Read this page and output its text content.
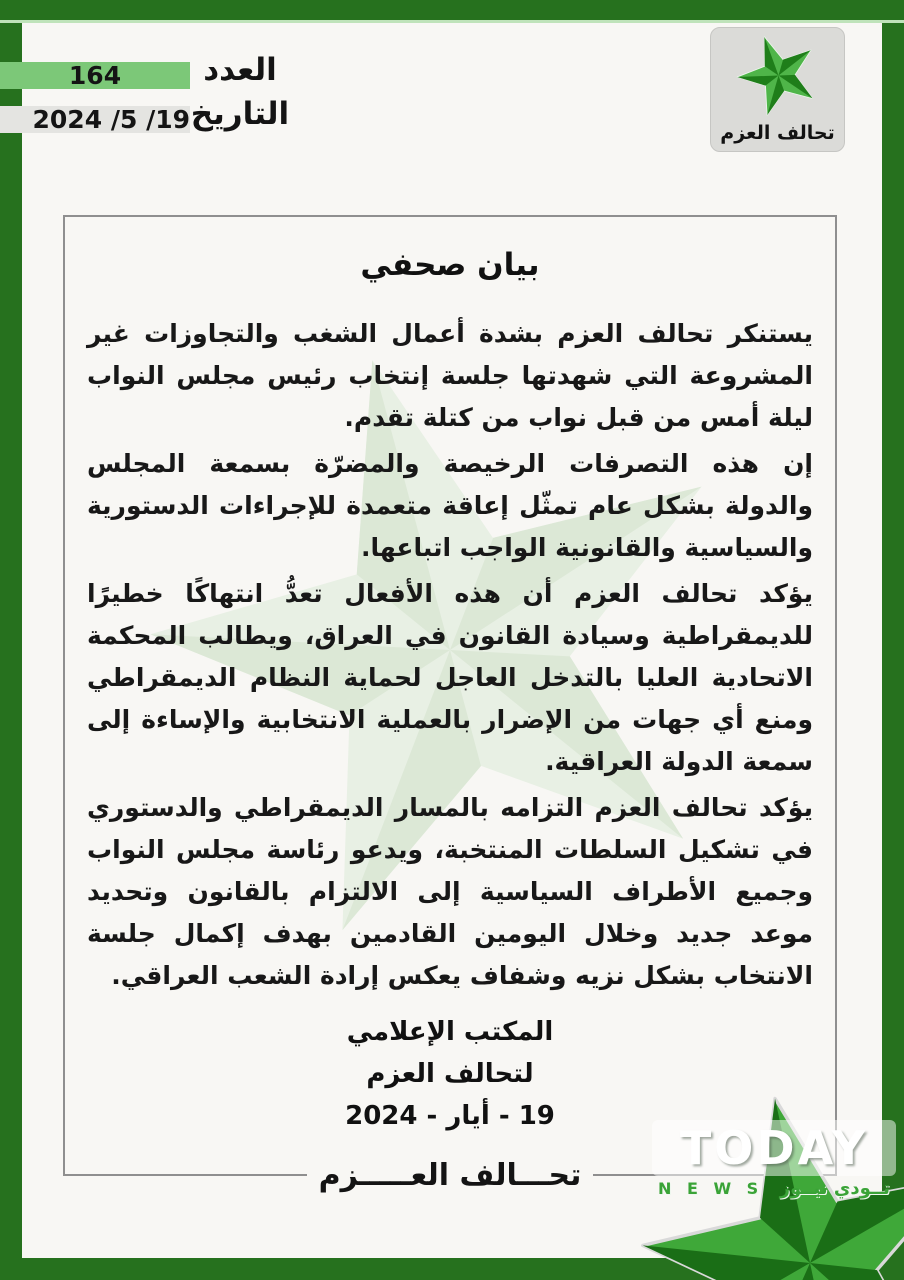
164	العدد
19/ 5/ 2024 التاريخ
تحالف العزم
بيان صحفي

يستنكر تحالف العزم بشدة أعمال الشغب والتجاوزات غير المشروعة التي شهدتها جلسة إنتخاب رئيس مجلس النواب ليلة أمس من قبل نواب من كتلة تقدم.

إن هذه التصرفات الرخيصة والمضرّة بسمعة المجلس والدولة بشكل عام تمثّل إعاقة متعمدة للإجراءات الدستورية والسياسية والقانونية الواجب اتباعها.

يؤكد تحالف العزم أن هذه الأفعال تعدُّ انتهاكًا خطيرًا للديمقراطية وسيادة القانون في العراق، ويطالب المحكمة الاتحادية العليا بالتدخل العاجل لحماية النظام الديمقراطي ومنع أي جهات من الإضرار بالعملية الانتخابية والإساءة إلى سمعة الدولة العراقية.

يؤكد تحالف العزم التزامه بالمسار الديمقراطي والدستوري في تشكيل السلطات المنتخبة، ويدعو رئاسة مجلس النواب وجميع الأطراف السياسية إلى الالتزام بالقانون وتحديد موعد جديد وخلال اليومين القادمين بهدف إكمال جلسة الانتخاب بشكل نزيه وشفاف يعكس إرادة الشعب العراقي.

المكتب الإعلامي
لتحالف العزم
19 - أيار - 2024
تحـــالف العـــــزم TODAY
N E W S تــودي نيــوز
